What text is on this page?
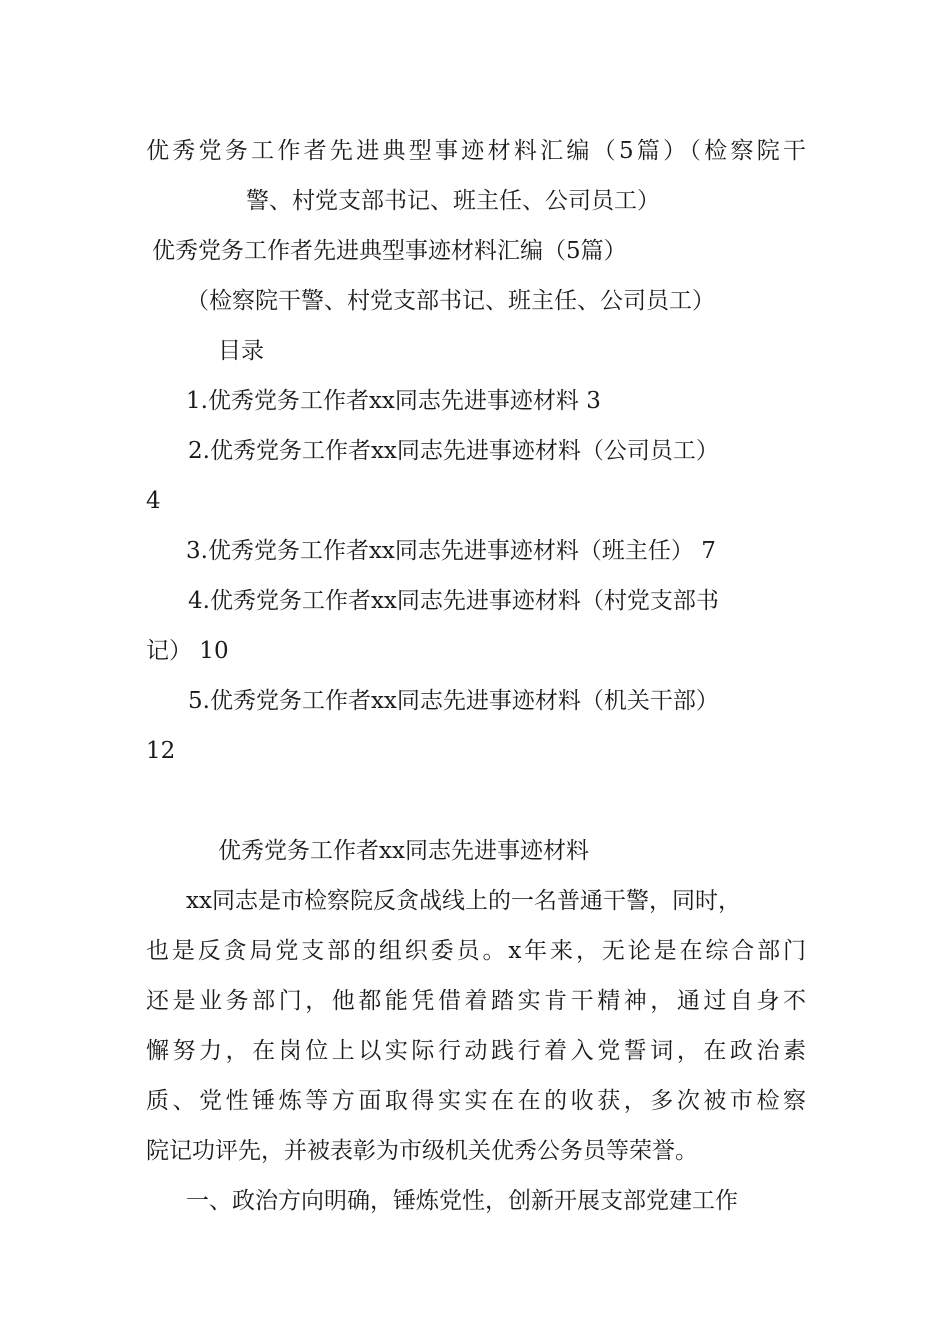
优秀党务工作者先进典型事迹材料汇编（5篇）（检察院干
警、村党支部书记、班主任、公司员工）
优秀党务工作者先进典型事迹材料汇编（5篇）
（检察院干警、村党支部书记、班主任、公司员工）
目录
1.优秀党务工作者xx同志先进事迹材料 3
2.优秀党务工作者xx同志先进事迹材料（公司员工）
4
3.优秀党务工作者xx同志先进事迹材料（班主任） 7
4.优秀党务工作者xx同志先进事迹材料（村党支部书
记） 10
5.优秀党务工作者xx同志先进事迹材料（机关干部）
12
优秀党务工作者xx同志先进事迹材料
xx同志是市检察院反贪战线上的一名普通干警，同时，
也是反贪局党支部的组织委员。x年来，无论是在综合部门
还是业务部门，他都能凭借着踏实肯干精神，通过自身不
懈努力，在岗位上以实际行动践行着入党誓词，在政治素
质、党性锤炼等方面取得实实在在的收获，多次被市检察
院记功评先，并被表彰为市级机关优秀公务员等荣誉。
一、政治方向明确，锤炼党性，创新开展支部党建工作
